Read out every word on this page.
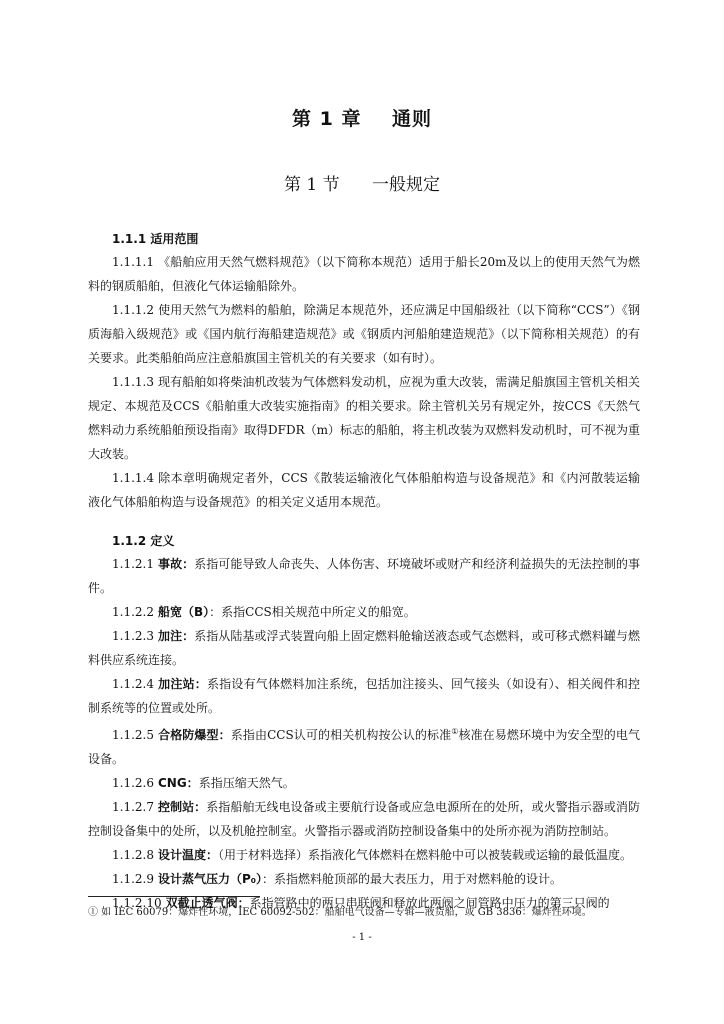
第 1 章    通则
第 1 节      一般规定
1.1.1 适用范围

1.1.1.1 《船舶应用天然气燃料规范》（以下简称本规范）适用于船长20m及以上的使用天然气为燃料的钢质船舶，但液化气体运输船除外。

1.1.1.2 使用天然气为燃料的船舶，除满足本规范外，还应满足中国船级社（以下简称“CCS”）《钢质海船入级规范》或《国内航行海船建造规范》或《钢质内河船舶建造规范》（以下简称相关规范）的有关要求。此类船舶尚应注意船旗国主管机关的有关要求（如有时）。

1.1.1.3 现有船舶如将柴油机改装为气体燃料发动机，应视为重大改装，需满足船旗国主管机关相关规定、本规范及CCS《船舶重大改装实施指南》的相关要求。除主管机关另有规定外，按CCS《天然气燃料动力系统船舶预设指南》取得DFDR（m）标志的船舶，将主机改装为双燃料发动机时，可不视为重大改装。

1.1.1.4 除本章明确规定者外，CCS《散装运输液化气体船舶构造与设备规范》和《内河散装运输液化气体船舶构造与设备规范》的相关定义适用本规范。

1.1.2 定义

1.1.2.1 事故：系指可能导致人命丧失、人体伤害、环境破坏或财产和经济利益损失的无法控制的事件。

1.1.2.2 船宽（B）：系指CCS相关规范中所定义的船宽。

1.1.2.3 加注：系指从陆基或浮式装置向船上固定燃料舱输送液态或气态燃料，或可移式燃料罐与燃料供应系统连接。

1.1.2.4 加注站：系指设有气体燃料加注系统，包括加注接头、回气接头（如设有）、相关阀件和控制系统等的位置或处所。

1.1.2.5 合格防爆型：系指由CCS认可的相关机构按公认的标准①核准在易燃环境中为安全型的电气设备。

1.1.2.6 CNG：系指压缩天然气。

1.1.2.7 控制站：系指船舶无线电设备或主要航行设备或应急电源所在的处所，或火警指示器或消防控制设备集中的处所，以及机舱控制室。火警指示器或消防控制设备集中的处所亦视为消防控制站。

1.1.2.8 设计温度：（用于材料选择）系指液化气体燃料在燃料舱中可以被装载或运输的最低温度。

1.1.2.9 设计蒸气压力（P₀）：系指燃料舱顶部的最大表压力，用于对燃料舱的设计。

1.1.2.10 双截止透气阀：系指管路中的两只串联阀和释放此两阀之间管路中压力的第三只阀的

① 如 IEC 60079：爆炸性环境，IEC 60092-502：船舶电气设备—专辑—液货船，或 GB 3836：爆炸性环境。
- 1 -
